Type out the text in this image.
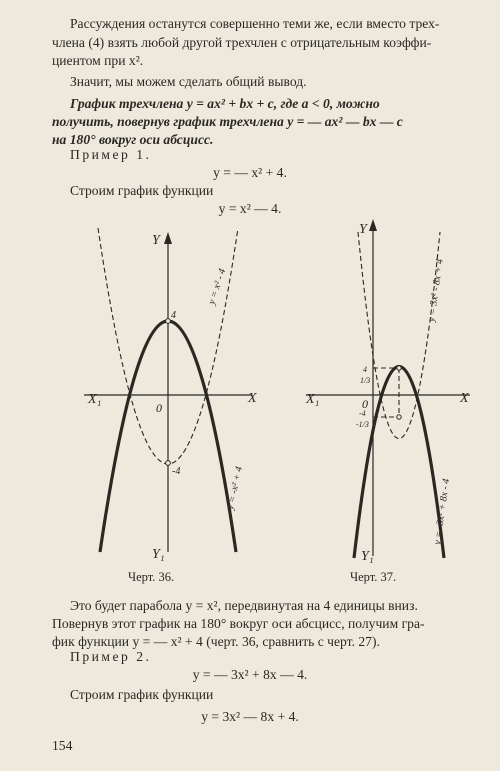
Рассуждения останутся совершенно теми же, если вместо трех-
члена (4) взять любой другой трехчлен с отрицательным коэффи-
циентом при x².
Значит, мы можем сделать общий вывод.
График трехчлена y = ax² + bx + c, где a < 0, можно
получить, повернув график трехчлена y = — ax² — bx — c
на 180° вокруг оси абсцисс.
Пример 1.
y = — x² + 4.
Строим график функции
y = x² — 4.
X₁	X
Y
Y₁
0
4
-4
y = x² - 4
y = -x² + 4
X₁	X
Y
Y₁
0
4
1/3
-4
-1/3
y = 3x² - 8x + 4
y = -3x² + 8x - 4
Черт. 36.	Черт. 37.
Это будет парабола y = x², передвинутая на 4 единицы вниз.
Повернув этот график на 180° вокруг оси абсцисс, получим гра-
фик функции y = — x² + 4 (черт. 36, сравнить с черт. 27).
Пример 2.
y = — 3x² + 8x — 4.
Строим график функции
y = 3x² — 8x + 4.
154
